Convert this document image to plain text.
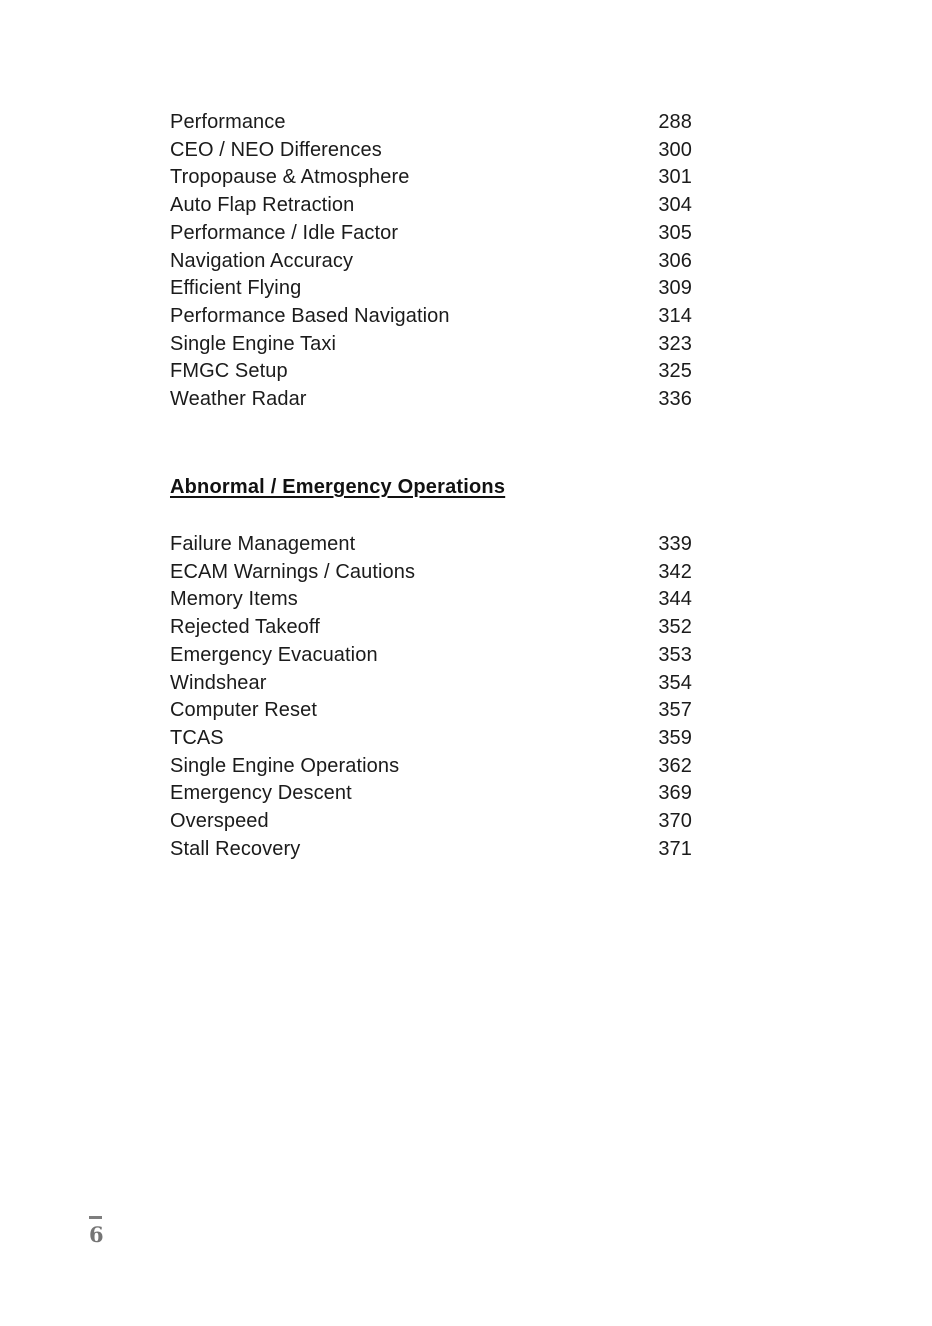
Performance	288
CEO / NEO Differences	300
Tropopause & Atmosphere	301
Auto Flap Retraction	304
Performance / Idle Factor	305
Navigation Accuracy	306
Efficient Flying	309
Performance Based Navigation	314
Single Engine Taxi	323
FMGC Setup	325
Weather Radar	336
Abnormal / Emergency Operations
Failure Management	339
ECAM Warnings / Cautions	342
Memory Items	344
Rejected Takeoff	352
Emergency Evacuation	353
Windshear	354
Computer Reset	357
TCAS	359
Single Engine Operations	362
Emergency Descent	369
Overspeed	370
Stall Recovery	371
6
